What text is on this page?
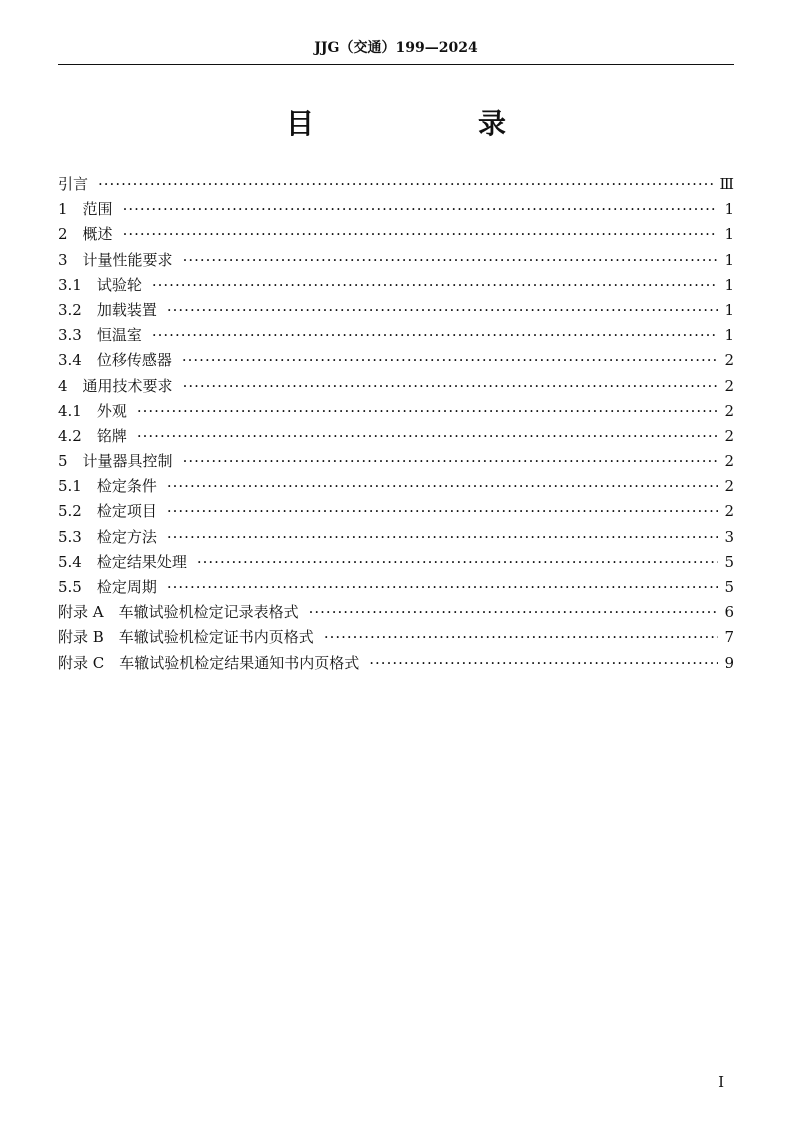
JJG（交通）199—2024
目　录
引言 ·····	Ⅲ
1 范围 ·····	1
2 概述 ·····	1
3 计量性能要求 ·····	1
3.1 试验轮 ·····	1
3.2 加载装置 ·····	1
3.3 恒温室 ·····	1
3.4 位移传感器 ·····	2
4 通用技术要求 ·····	2
4.1 外观 ·····	2
4.2 铭牌 ·····	2
5 计量器具控制 ·····	2
5.1 检定条件 ·····	2
5.2 检定项目 ·····	2
5.3 检定方法 ·····	3
5.4 检定结果处理 ·····	5
5.5 检定周期 ·····	5
附录 A 车辙试验机检定记录表格式 ·····	6
附录 B 车辙试验机检定证书内页格式 ·····	7
附录 C 车辙试验机检定结果通知书内页格式 ·····	9
Ⅰ
